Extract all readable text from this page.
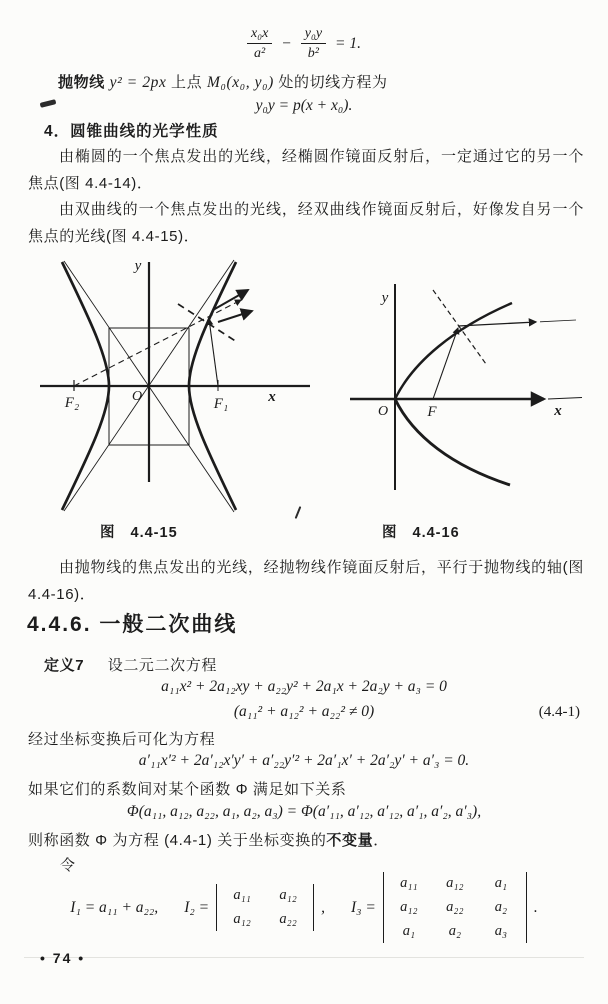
$\frac{\text{x₀x}}{\text{a²}} - \frac{\text{y₀y}}{\text{b²}} = 1$.
抛物线 y² = 2px 上点 M₀(x₀, y₀) 处的切线方程为
y₀y = p(x + x₀).
4．圆锥曲线的光学性质
由椭圆的一个焦点发出的光线，经椭圆作镜面反射后，一定通过它的另一个焦点(图 4.4-14)．
由双曲线的一个焦点发出的光线，经双曲线作镜面反射后，好像发自另一个焦点的光线(图 4.4-15)．
y
x
O
F₂	F₁
y
x
O	F
图 4.4-15	图 4.4-16
由抛物线的焦点发出的光线，经抛物线作镜面反射后，平行于抛物线的轴(图 4.4-16)．
4.4.6. 一般二次曲线
定义7 设二元二次方程
a₁₁x² + 2a₁₂xy + a₂₂y² + 2a₁x + 2a₂y + a₃ = 0
(a₁₁² + a₁₂² + a₂₂² ≠ 0)	(4.4-1)
经过坐标变换后可化为方程
a′₁₁x′² + 2a′₁₂x′y′ + a′₂₂y′² + 2a′₁x′ + 2a′₂y′ + a′₃ = 0.
如果它们的系数间对某个函数 Φ 满足如下关系
Φ(a₁₁, a₁₂, a₂₂, a₁, a₂, a₃) = Φ(a′₁₁, a′₁₂, a′₁₂, a′₁, a′₂, a′₃),
则称函数 Φ 为方程 (4.4-1) 关于坐标变换的不变量．
令
I₁ = a₁₁ + a₂₂, I₂ =
a₁₁	a₁₂
a₁₂	a₂₂
, I₃ =
a₁₁	a₁₂	a₁
a₁₂	a₂₂	a₂
a₁	a₂	a₃
.
• 74 •
